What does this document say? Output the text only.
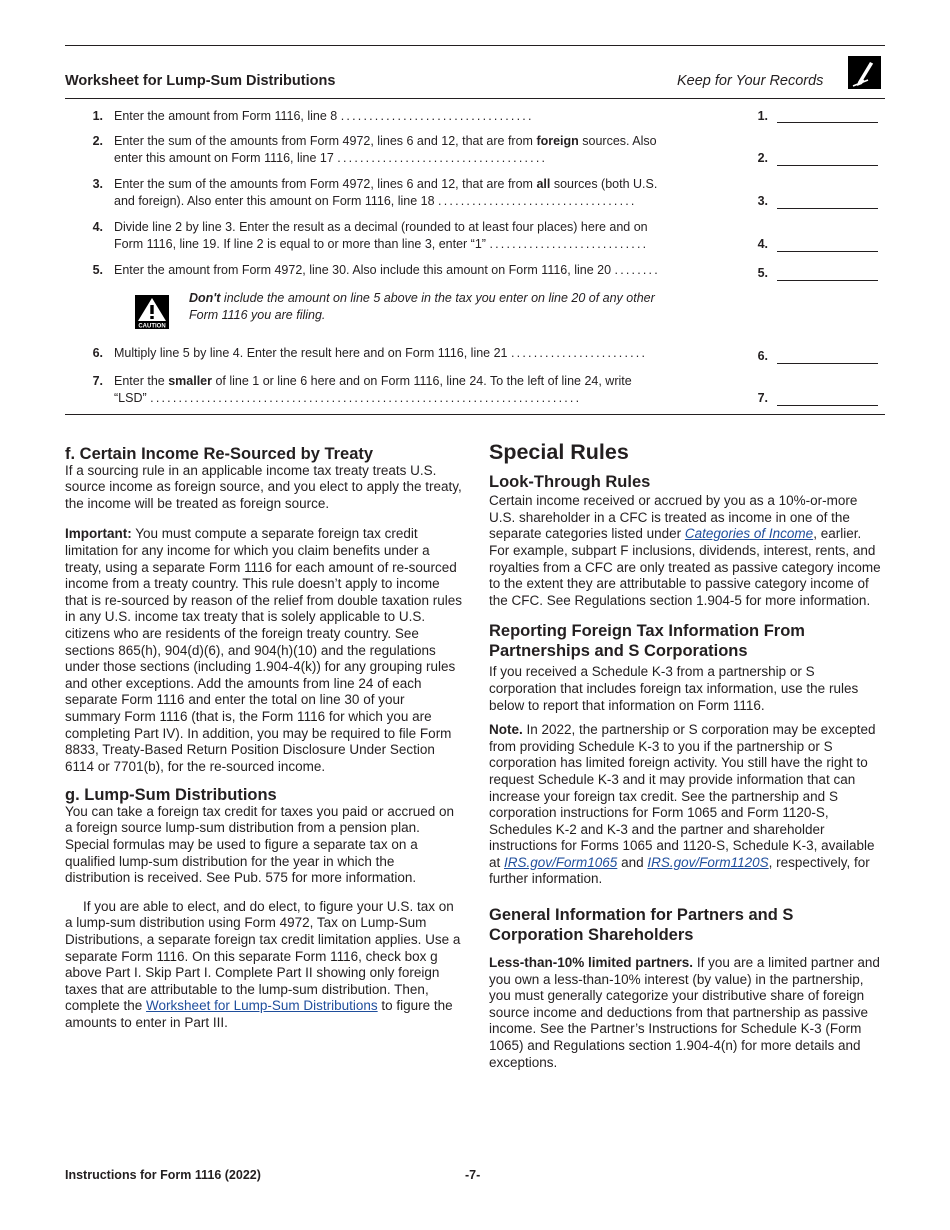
Worksheet for Lump-Sum Distributions	Keep for Your Records
1. Enter the amount from Form 1116, line 8 ..................................	1.
2. Enter the sum of the amounts from Form 4972, lines 6 and 12, that are from foreign sources. Also
enter this amount on Form 1116, line 17 .....................................	2.
3. Enter the sum of the amounts from Form 4972, lines 6 and 12, that are from all sources (both U.S.
and foreign). Also enter this amount on Form 1116, line 18 ...................................	3.
4. Divide line 2 by line 3. Enter the result as a decimal (rounded to at least four places) here and on
Form 1116, line 19. If line 2 is equal to or more than line 3, enter “1” ............................	4.
5. Enter the amount from Form 4972, line 30. Also include this amount on Form 1116, line 20 ........	5.
CAUTION
Don't include the amount on line 5 above in the tax you enter on line 20 of any other
Form 1116 you are filing.
6. Multiply line 5 by line 4. Enter the result here and on Form 1116, line 21 ........................	6.
7. Enter the smaller of line 1 or line 6 here and on Form 1116, line 24. To the left of line 24, write
“LSD” ............................................................................	7.

f. Certain Income Re-Sourced by Treaty

If a sourcing rule in an applicable income tax treaty treats U.S. source income as foreign source, and you elect to apply the treaty, the income will be treated as foreign source.

Important: You must compute a separate foreign tax credit limitation for any income for which you claim benefits under a treaty, using a separate Form 1116 for each amount of re-sourced income from a treaty country. This rule doesn’t apply to income that is re-sourced by reason of the relief from double taxation rules in any U.S. income tax treaty that is solely applicable to U.S. citizens who are residents of the foreign treaty country. See sections 865(h), 904(d)(6), and 904(h)(10) and the regulations under those sections (including 1.904-4(k)) for any grouping rules and other exceptions. Add the amounts from line 24 of each separate Form 1116 and enter the total on line 30 of your summary Form 1116 (that is, the Form 1116 for which you are completing Part IV). In addition, you may be required to file Form 8833, Treaty-Based Return Position Disclosure Under Section 6114 or 7701(b), for the re-sourced income.

g. Lump-Sum Distributions

You can take a foreign tax credit for taxes you paid or accrued on a foreign source lump-sum distribution from a pension plan. Special formulas may be used to figure a separate tax on a qualified lump-sum distribution for the year in which the distribution is received. See Pub. 575 for more information.

If you are able to elect, and do elect, to figure your U.S. tax on a lump-sum distribution using Form 4972, Tax on Lump-Sum Distributions, a separate foreign tax credit limitation applies. Use a separate Form 1116. On this separate Form 1116, check box g above Part I. Skip Part I. Complete Part II showing only foreign taxes that are attributable to the lump-sum distribution. Then, complete the Worksheet for Lump-Sum Distributions to figure the amounts to enter in Part III.

Special Rules

Look-Through Rules

Certain income received or accrued by you as a 10%-or-more U.S. shareholder in a CFC is treated as income in one of the separate categories listed under Categories of Income, earlier. For example, subpart F inclusions, dividends, interest, rents, and royalties from a CFC are only treated as passive category income to the extent they are attributable to passive category income of the CFC. See Regulations section 1.904-5 for more information.

Reporting Foreign Tax Information From Partnerships and S Corporations

If you received a Schedule K-3 from a partnership or S corporation that includes foreign tax information, use the rules below to report that information on Form 1116.

Note. In 2022, the partnership or S corporation may be excepted from providing Schedule K-3 to you if the partnership or S corporation has limited foreign activity. You still have the right to request Schedule K-3 and it may provide information that can increase your foreign tax credit. See the partnership and S corporation instructions for Form 1065 and Form 1120-S, Schedules K-2 and K-3 and the partner and shareholder instructions for Forms 1065 and 1120-S, Schedule K-3, available at IRS.gov/Form1065 and IRS.gov/Form1120S, respectively, for further information.

General Information for Partners and S Corporation Shareholders

Less-than-10% limited partners. If you are a limited partner and you own a less-than-10% interest (by value) in the partnership, you must generally categorize your distributive share of foreign source income and deductions from that partnership as passive income. See the Partner’s Instructions for Schedule K-3 (Form 1065) and Regulations section 1.904-4(n) for more details and exceptions.

Instructions for Form 1116 (2022)	-7-
